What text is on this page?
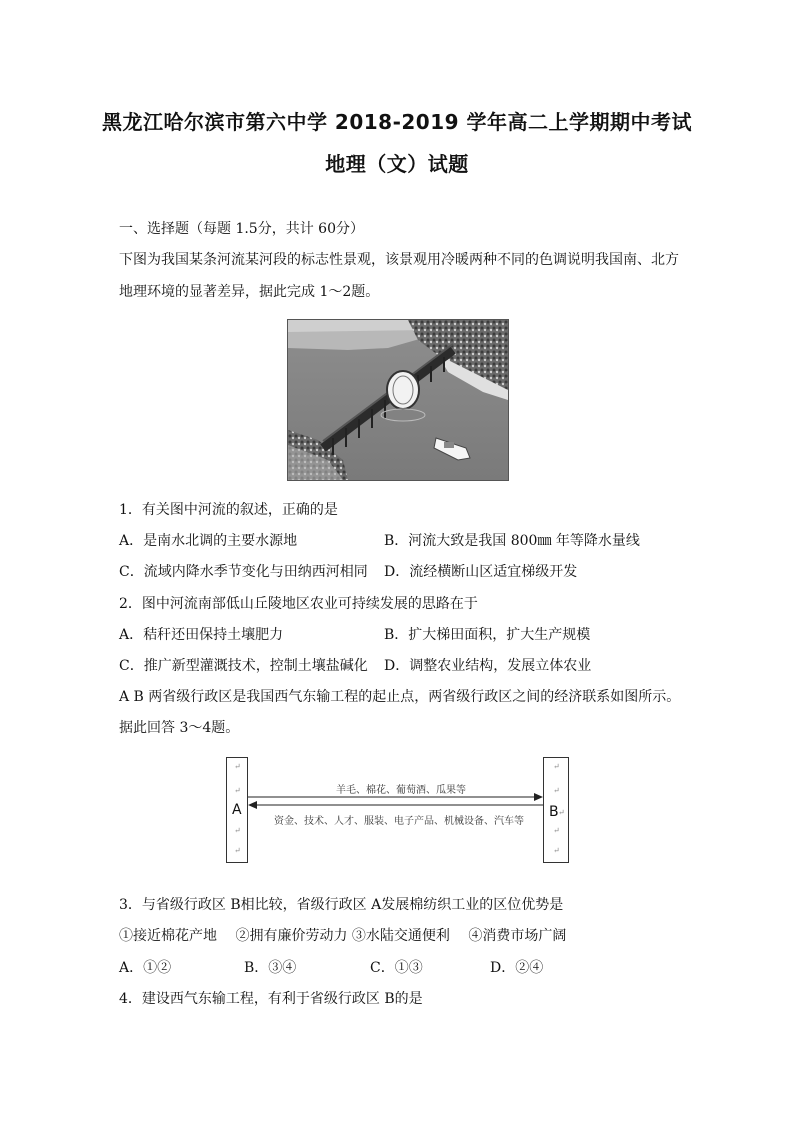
黑龙江哈尔滨市第六中学 2018-2019 学年高二上学期期中考试
地理（文）试题
一、选择题（每题 1.5分，共计 60分）
下图为我国某条河流某河段的标志性景观，该景观用冷暖两种不同的色调说明我国南、北方
地理环境的显著差异，据此完成 1～2题。
1．有关图中河流的叙述，正确的是
A．是南水北调的主要水源地	B．河流大致是我国 800㎜ 年等降水量线
C．流域内降水季节变化与田纳西河相同 D．流经横断山区适宜梯级开发
2．图中河流南部低山丘陵地区农业可持续发展的思路在于
A．秸秆还田保持土壤肥力	B．扩大梯田面积，扩大生产规模
C．推广新型灌溉技术，控制土壤盐碱化 D．调整农业结构，发展立体农业
A B 两省级行政区是我国西气东输工程的起止点，两省级行政区之间的经济联系如图所示。
据此回答 3～4题。
↵
↵
A
↵
↵
↵
↵
B ↵
↵
↵
羊毛、棉花、葡萄酒、瓜果等
资金、技术、人才、服装、电子产品、机械设备、汽车等
3．与省级行政区 B相比较，省级行政区 A发展棉纺织工业的区位优势是
①接近棉花产地　 ②拥有廉价劳动力 ③水陆交通便利　 ④消费市场广阔
A．①②	B．③④	C．①③	D．②④
4．建设西气东输工程，有利于省级行政区 B的是
